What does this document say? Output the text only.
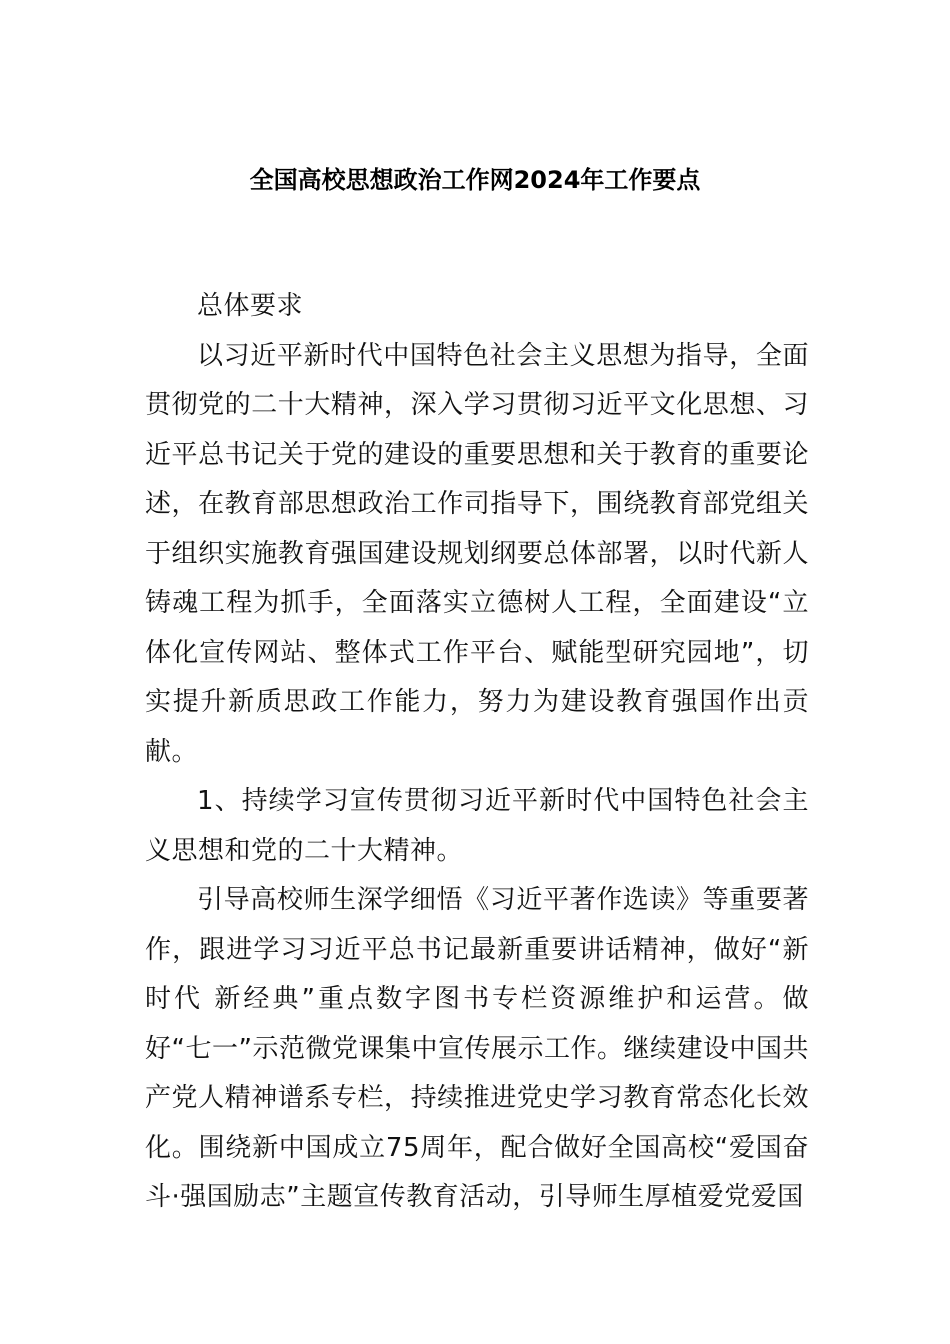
全国高校思想政治工作网2024年工作要点

总体要求

以习近平新时代中国特色社会主义思想为指导，全面贯彻党的二十大精神，深入学习贯彻习近平文化思想、习近平总书记关于党的建设的重要思想和关于教育的重要论述，在教育部思想政治工作司指导下，围绕教育部党组关于组织实施教育强国建设规划纲要总体部署，以时代新人铸魂工程为抓手，全面落实立德树人工程，全面建设“立体化宣传网站、整体式工作平台、赋能型研究园地”，切实提升新质思政工作能力，努力为建设教育强国作出贡献。

1、持续学习宣传贯彻习近平新时代中国特色社会主义思想和党的二十大精神。

引导高校师生深学细悟《习近平著作选读》等重要著作，跟进学习习近平总书记最新重要讲话精神，做好“新时代 新经典”重点数字图书专栏资源维护和运营。做好“七一”示范微党课集中宣传展示工作。继续建设中国共产党人精神谱系专栏，持续推进党史学习教育常态化长效化。围绕新中国成立75周年，配合做好全国高校“爱国奋斗·强国励志”主题宣传教育活动，引导师生厚植爱党爱国
